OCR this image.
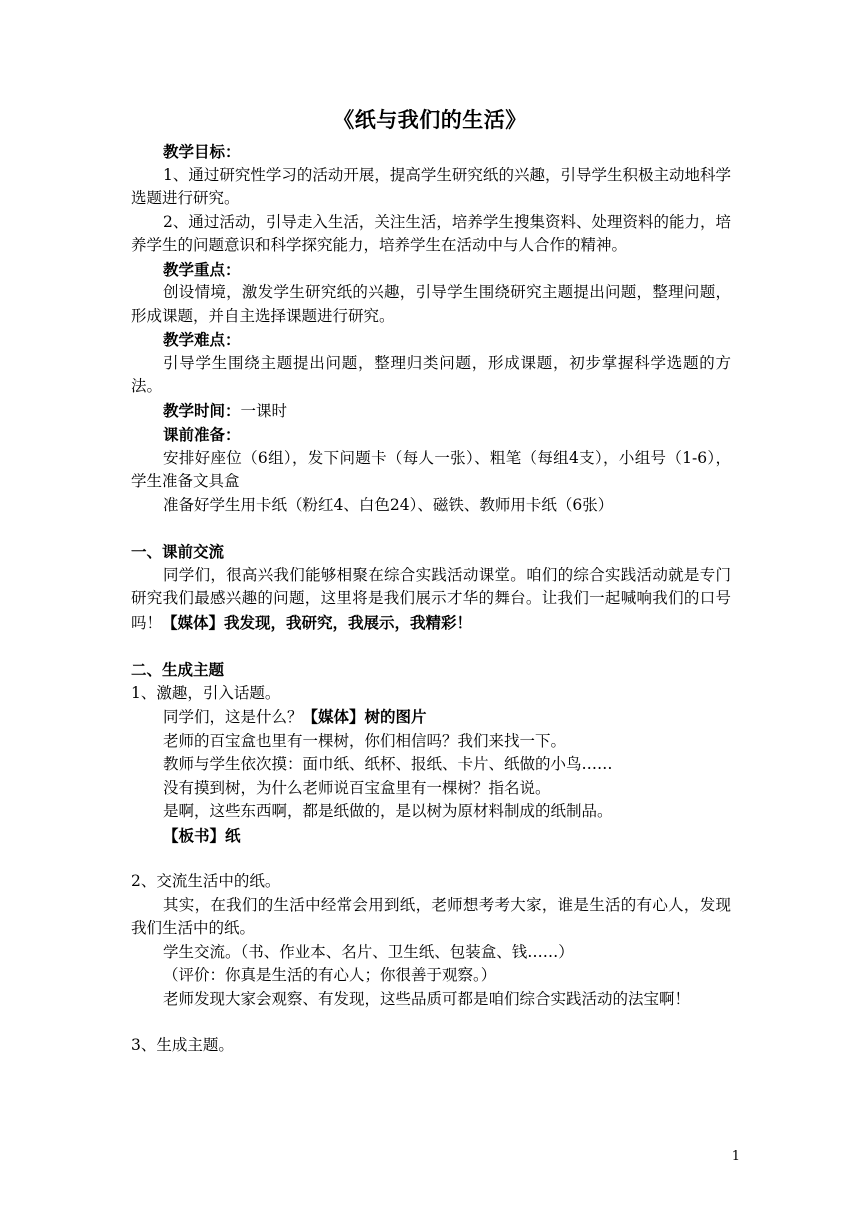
《纸与我们的生活》

教学目标：

1、通过研究性学习的活动开展，提高学生研究纸的兴趣，引导学生积极主动地科学选题进行研究。

2、通过活动，引导走入生活，关注生活，培养学生搜集资料、处理资料的能力，培养学生的问题意识和科学探究能力，培养学生在活动中与人合作的精神。

教学重点：

创设情境，激发学生研究纸的兴趣，引导学生围绕研究主题提出问题，整理问题，形成课题，并自主选择课题进行研究。

教学难点：

引导学生围绕主题提出问题，整理归类问题，形成课题，初步掌握科学选题的方法。

教学时间：一课时

课前准备：

安排好座位（6组），发下问题卡（每人一张）、粗笔（每组4支），小组号（1-6），学生准备文具盒

准备好学生用卡纸（粉红4、白色24）、磁铁、教师用卡纸（6张）

一、课前交流

同学们，很高兴我们能够相聚在综合实践活动课堂。咱们的综合实践活动就是专门研究我们最感兴趣的问题，这里将是我们展示才华的舞台。让我们一起喊响我们的口号吗！【媒体】我发现，我研究，我展示，我精彩！

二、生成主题

1、激趣，引入话题。

同学们，这是什么？【媒体】树的图片

老师的百宝盒也里有一棵树，你们相信吗？我们来找一下。

教师与学生依次摸：面巾纸、纸杯、报纸、卡片、纸做的小鸟……

没有摸到树，为什么老师说百宝盒里有一棵树？指名说。

是啊，这些东西啊，都是纸做的，是以树为原材料制成的纸制品。

【板书】纸

2、交流生活中的纸。

其实，在我们的生活中经常会用到纸，老师想考考大家，谁是生活的有心人，发现我们生活中的纸。

学生交流。（书、作业本、名片、卫生纸、包装盒、钱……）

（评价：你真是生活的有心人；你很善于观察。）

老师发现大家会观察、有发现，这些品质可都是咱们综合实践活动的法宝啊！

3、生成主题。

1
